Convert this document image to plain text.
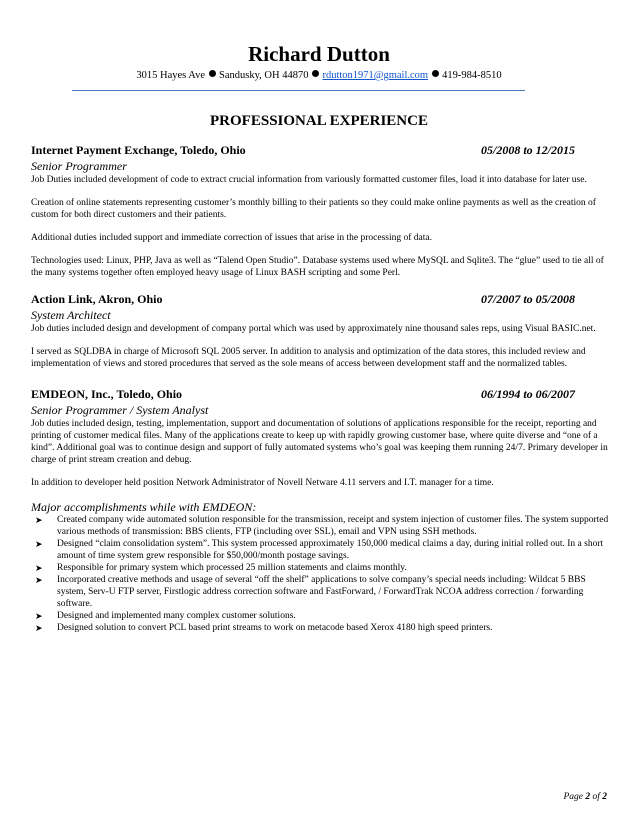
Richard Dutton
3015 Hayes Ave Sandusky, OH 44870 rdutton1971@gmail.com 419-984-8510
PROFESSIONAL EXPERIENCE
Internet Payment Exchange, Toledo, Ohio	05/2008 to 12/2015
Senior Programmer

Job Duties included development of code to extract crucial information from variously formatted customer files, load it into database for later use.

Creation of online statements representing customer’s monthly billing to their patients so they could make online payments as well as the creation of custom for both direct customers and their patients.

Additional duties included support and immediate correction of issues that arise in the processing of data.

Technologies used: Linux, PHP, Java as well as “Talend Open Studio”. Database systems used where MySQL and Sqlite3. The “glue” used to tie all of the many systems together often employed heavy usage of Linux BASH scripting and some Perl.

Action Link, Akron, Ohio	07/2007 to 05/2008
System Architect

Job duties included design and development of company portal which was used by approximately nine thousand sales reps, using Visual BASIC.net.

I served as SQLDBA in charge of Microsoft SQL 2005 server. In addition to analysis and optimization of the data stores, this included review and implementation of views and stored procedures that served as the sole means of access between development staff and the normalized tables.

EMDEON, Inc., Toledo, Ohio	06/1994 to 06/2007
Senior Programmer / System Analyst

Job duties included design, testing, implementation, support and documentation of solutions of applications responsible for the receipt, reporting and printing of customer medical files. Many of the applications create to keep up with rapidly growing customer base, where quite diverse and “one of a kind”. Additional goal was to continue design and support of fully automated systems who’s goal was keeping them running 24/7. Primary developer in charge of print stream creation and debug.

In addition to developer held position Network Administrator of Novell Netware 4.11 servers and I.T. manager for a time.

Major accomplishments while with EMDEON:
➤ Created company wide automated solution responsible for the transmission, receipt and system injection of customer files. The system supported various methods of transmission: BBS clients, FTP (including over SSL), email and VPN using SSH methods.
➤ Designed “claim consolidation system”. This system processed approximately 150,000 medical claims a day, during initial rolled out. In a short amount of time system grew responsible for $50,000/month postage savings.
➤ Responsible for primary system which processed 25 million statements and claims monthly.
➤ Incorporated creative methods and usage of several “off the shelf” applications to solve company’s special needs including: Wildcat 5 BBS system, Serv-U FTP server, Firstlogic address correction software and FastForward, / ForwardTrak NCOA address correction / forwarding software.
➤ Designed and implemented many complex customer solutions.
➤ Designed solution to convert PCL based print streams to work on metacode based Xerox 4180 high speed printers.
Page 2 of 2
